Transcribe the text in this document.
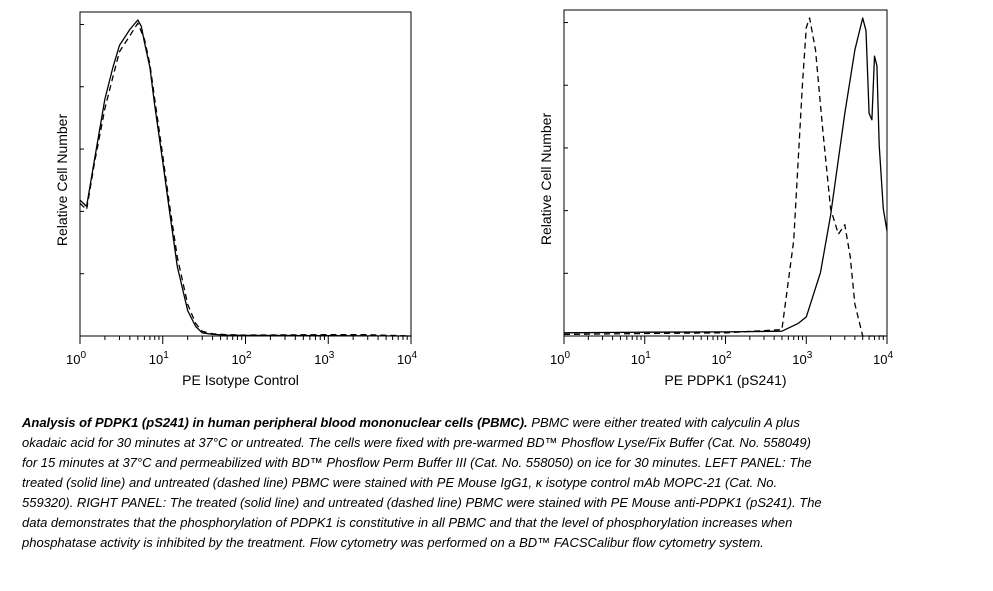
$10^0$	$10^1$	$10^2$	$10^3$	$10^4$
PE Isotype Control
Relative Cell Number
$10^0$	$10^1$	$10^2$	$10^3$	$10^4$
PE PDPK1 (pS241)
Relative Cell Number
Analysis of PDPK1 (pS241) in human peripheral blood mononuclear cells (PBMC). PBMC were either treated with calyculin A plus okadaic acid for 30 minutes at 37°C or untreated. The cells were fixed with pre-warmed BD™ Phosflow Lyse/Fix Buffer (Cat. No. 558049) for 15 minutes at 37°C and permeabilized with BD™ Phosflow Perm Buffer III (Cat. No. 558050) on ice for 30 minutes. LEFT PANEL: The treated (solid line) and untreated (dashed line) PBMC were stained with PE Mouse IgG1, κ isotype control mAb MOPC-21 (Cat. No. 559320). RIGHT PANEL: The treated (solid line) and untreated (dashed line) PBMC were stained with PE Mouse anti-PDPK1 (pS241). The data demonstrates that the phosphorylation of PDPK1 is constitutive in all PBMC and that the level of phosphorylation increases when phosphatase activity is inhibited by the treatment. Flow cytometry was performed on a BD™ FACSCalibur flow cytometry system.
